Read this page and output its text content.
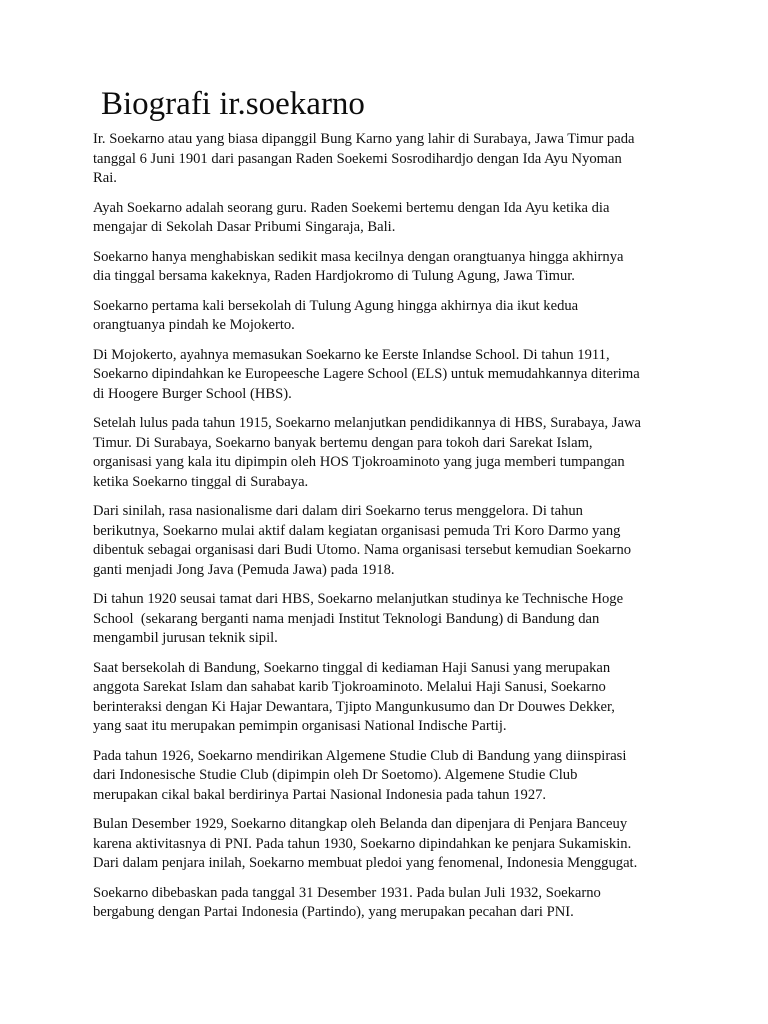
Biografi ir.soekarno

Ir. Soekarno atau yang biasa dipanggil Bung Karno yang lahir di Surabaya, Jawa Timur pada
tanggal 6 Juni 1901 dari pasangan Raden Soekemi Sosrodihardjo dengan Ida Ayu Nyoman
Rai.

Ayah Soekarno adalah seorang guru. Raden Soekemi bertemu dengan Ida Ayu ketika dia
mengajar di Sekolah Dasar Pribumi Singaraja, Bali.

Soekarno hanya menghabiskan sedikit masa kecilnya dengan orangtuanya hingga akhirnya
dia tinggal bersama kakeknya, Raden Hardjokromo di Tulung Agung, Jawa Timur.

Soekarno pertama kali bersekolah di Tulung Agung hingga akhirnya dia ikut kedua
orangtuanya pindah ke Mojokerto.

Di Mojokerto, ayahnya memasukan Soekarno ke Eerste Inlandse School. Di tahun 1911,
Soekarno dipindahkan ke Europeesche Lagere School (ELS) untuk memudahkannya diterima
di Hoogere Burger School (HBS).

Setelah lulus pada tahun 1915, Soekarno melanjutkan pendidikannya di HBS, Surabaya, Jawa
Timur. Di Surabaya, Soekarno banyak bertemu dengan para tokoh dari Sarekat Islam,
organisasi yang kala itu dipimpin oleh HOS Tjokroaminoto yang juga memberi tumpangan
ketika Soekarno tinggal di Surabaya.

Dari sinilah, rasa nasionalisme dari dalam diri Soekarno terus menggelora. Di tahun
berikutnya, Soekarno mulai aktif dalam kegiatan organisasi pemuda Tri Koro Darmo yang
dibentuk sebagai organisasi dari Budi Utomo. Nama organisasi tersebut kemudian Soekarno
ganti menjadi Jong Java (Pemuda Jawa) pada 1918.

Di tahun 1920 seusai tamat dari HBS, Soekarno melanjutkan studinya ke Technische Hoge
School  (sekarang berganti nama menjadi Institut Teknologi Bandung) di Bandung dan
mengambil jurusan teknik sipil.

Saat bersekolah di Bandung, Soekarno tinggal di kediaman Haji Sanusi yang merupakan
anggota Sarekat Islam dan sahabat karib Tjokroaminoto. Melalui Haji Sanusi, Soekarno
berinteraksi dengan Ki Hajar Dewantara, Tjipto Mangunkusumo dan Dr Douwes Dekker,
yang saat itu merupakan pemimpin organisasi National Indische Partij.

Pada tahun 1926, Soekarno mendirikan Algemene Studie Club di Bandung yang diinspirasi
dari Indonesische Studie Club (dipimpin oleh Dr Soetomo). Algemene Studie Club
merupakan cikal bakal berdirinya Partai Nasional Indonesia pada tahun 1927.

Bulan Desember 1929, Soekarno ditangkap oleh Belanda dan dipenjara di Penjara Banceuy
karena aktivitasnya di PNI. Pada tahun 1930, Soekarno dipindahkan ke penjara Sukamiskin.
Dari dalam penjara inilah, Soekarno membuat pledoi yang fenomenal, Indonesia Menggugat.

Soekarno dibebaskan pada tanggal 31 Desember 1931. Pada bulan Juli 1932, Soekarno
bergabung dengan Partai Indonesia (Partindo), yang merupakan pecahan dari PNI.
